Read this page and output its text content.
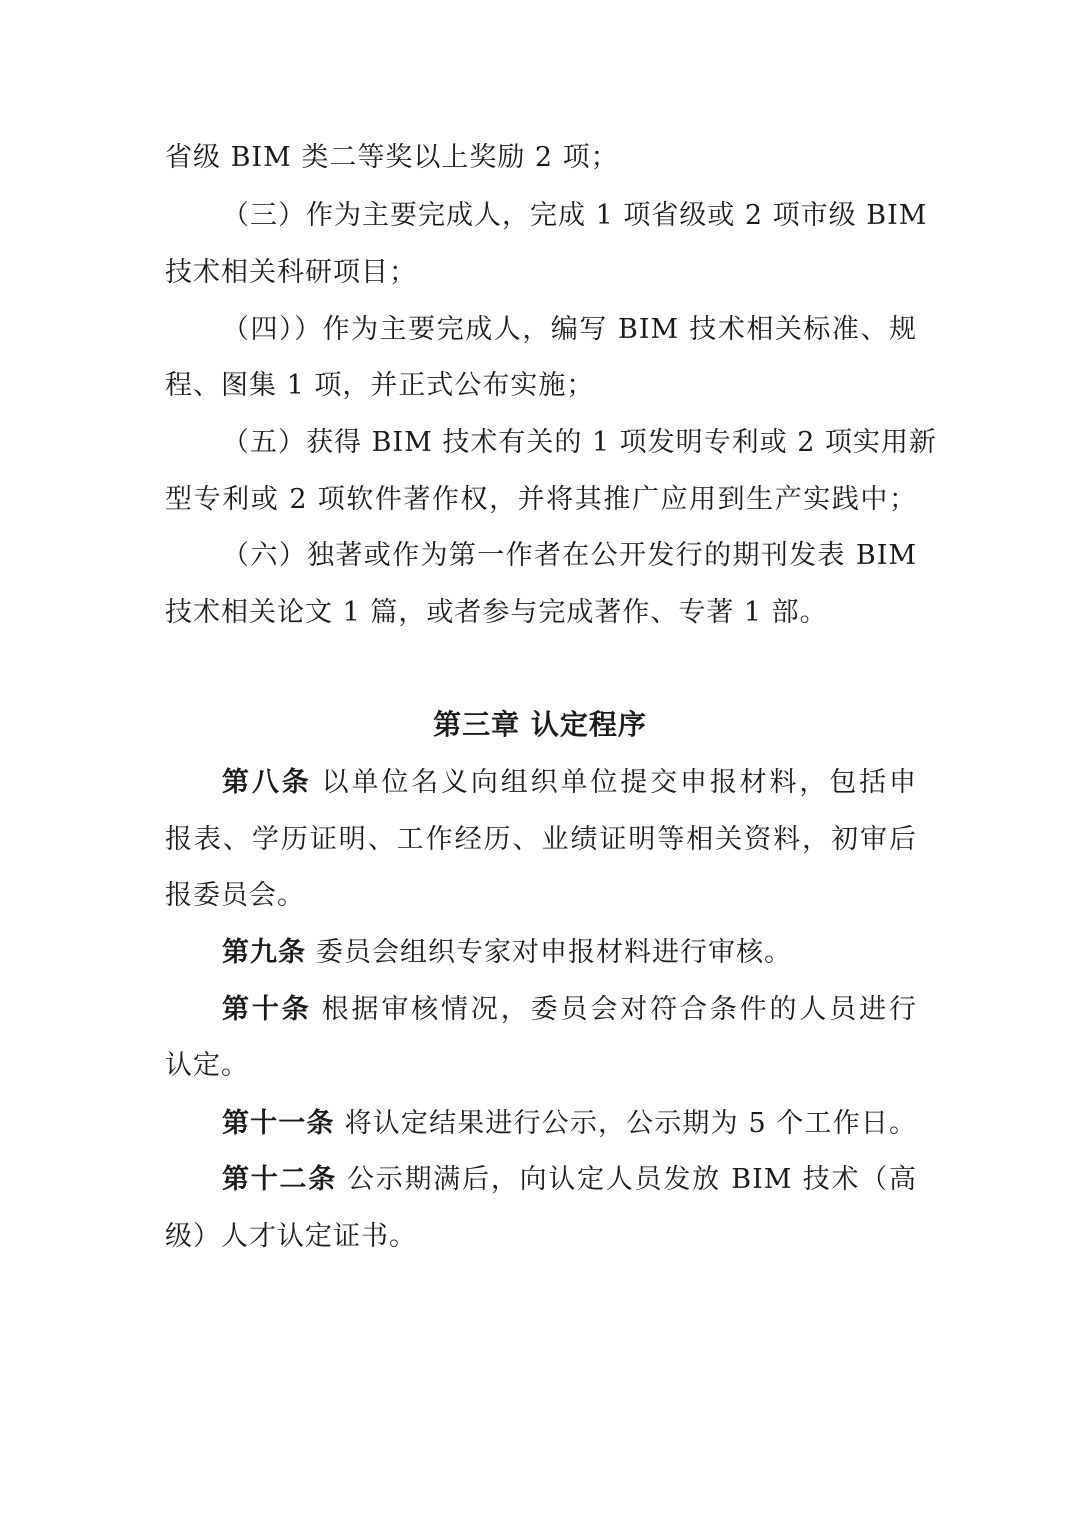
省级 BIM 类二等奖以上奖励 2 项；
（三）作为主要完成人，完成 1 项省级或 2 项市级 BIM
技术相关科研项目；
（四））作为主要完成人，编写 BIM 技术相关标准、规
程、图集 1 项，并正式公布实施；
（五）获得 BIM 技术有关的 1 项发明专利或 2 项实用新
型专利或 2 项软件著作权，并将其推广应用到生产实践中；
（六）独著或作为第一作者在公开发行的期刊发表 BIM
技术相关论文 1 篇，或者参与完成著作、专著 1 部。
第三章 认定程序
第八条 以单位名义向组织单位提交申报材料，包括申
报表、学历证明、工作经历、业绩证明等相关资料，初审后
报委员会。
第九条 委员会组织专家对申报材料进行审核。
第十条 根据审核情况，委员会对符合条件的人员进行
认定。
第十一条 将认定结果进行公示，公示期为 5 个工作日。
第十二条 公示期满后，向认定人员发放 BIM 技术（高
级）人才认定证书。
